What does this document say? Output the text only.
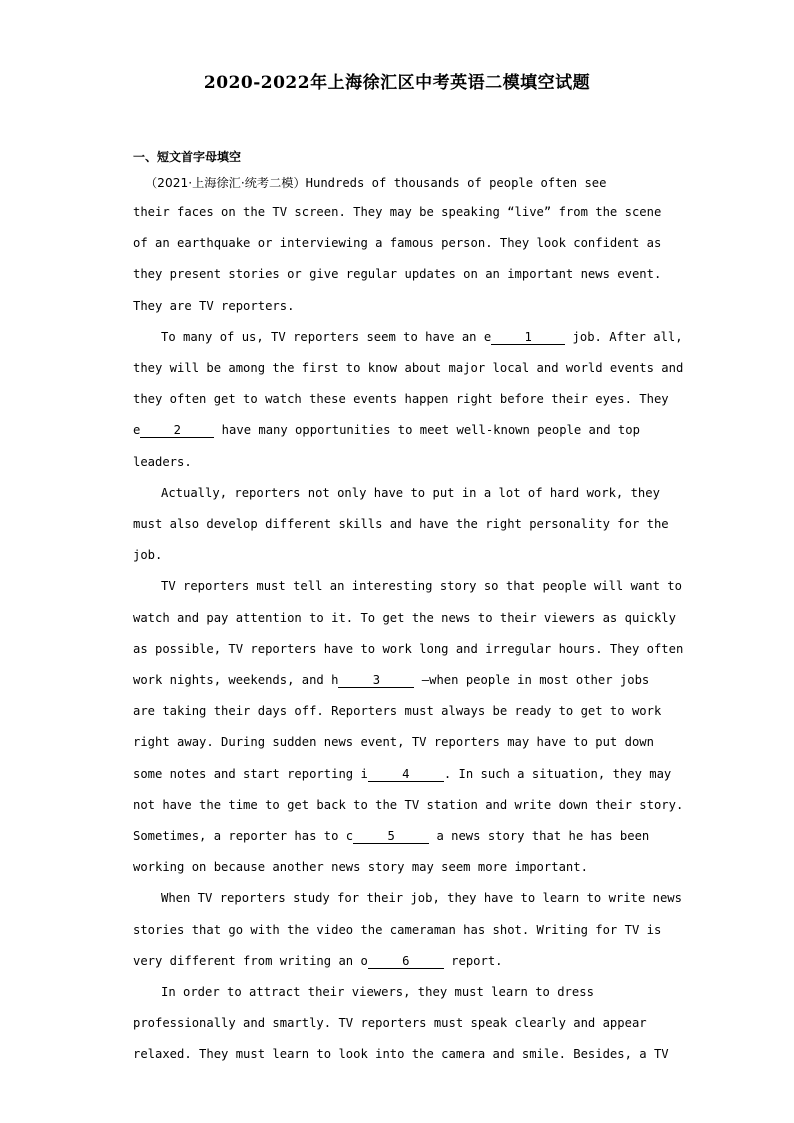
2020-2022年上海徐汇区中考英语二模填空试题
一、短文首字母填空
（2021·上海徐汇·统考二模）Hundreds of thousands of people often see
their faces on the TV screen. They may be speaking “live” from the scene
of an earthquake or interviewing a famous person. They look confident as
they present stories or give regular updates on an important news event.
They are TV reporters.
To many of us, TV reporters seem to have an e	1	job. After all,
they will be among the first to know about major local and world events and
they often get to watch these events happen right before their eyes. They
e	2	have many opportunities to meet well-known people and top
leaders.
Actually, reporters not only have to put in a lot of hard work, they
must also develop different skills and have the right personality for the
job.
TV reporters must tell an interesting story so that people will want to
watch and pay attention to it. To get the news to their viewers as quickly
as possible, TV reporters have to work long and irregular hours. They often
work nights, weekends, and h	3	—when people in most other jobs
are taking their days off. Reporters must always be ready to get to work
right away. During sudden news event, TV reporters may have to put down
some notes and start reporting i	4	. In such a situation, they may
not have the time to get back to the TV station and write down their story.
Sometimes, a reporter has to c	5	a news story that he has been
working on because another news story may seem more important.
When TV reporters study for their job, they have to learn to write news
stories that go with the video the cameraman has shot. Writing for TV is
very different from writing an o	6	report.
In order to attract their viewers, they must learn to dress
professionally and smartly. TV reporters must speak clearly and appear
relaxed. They must learn to look into the camera and smile. Besides, a TV
